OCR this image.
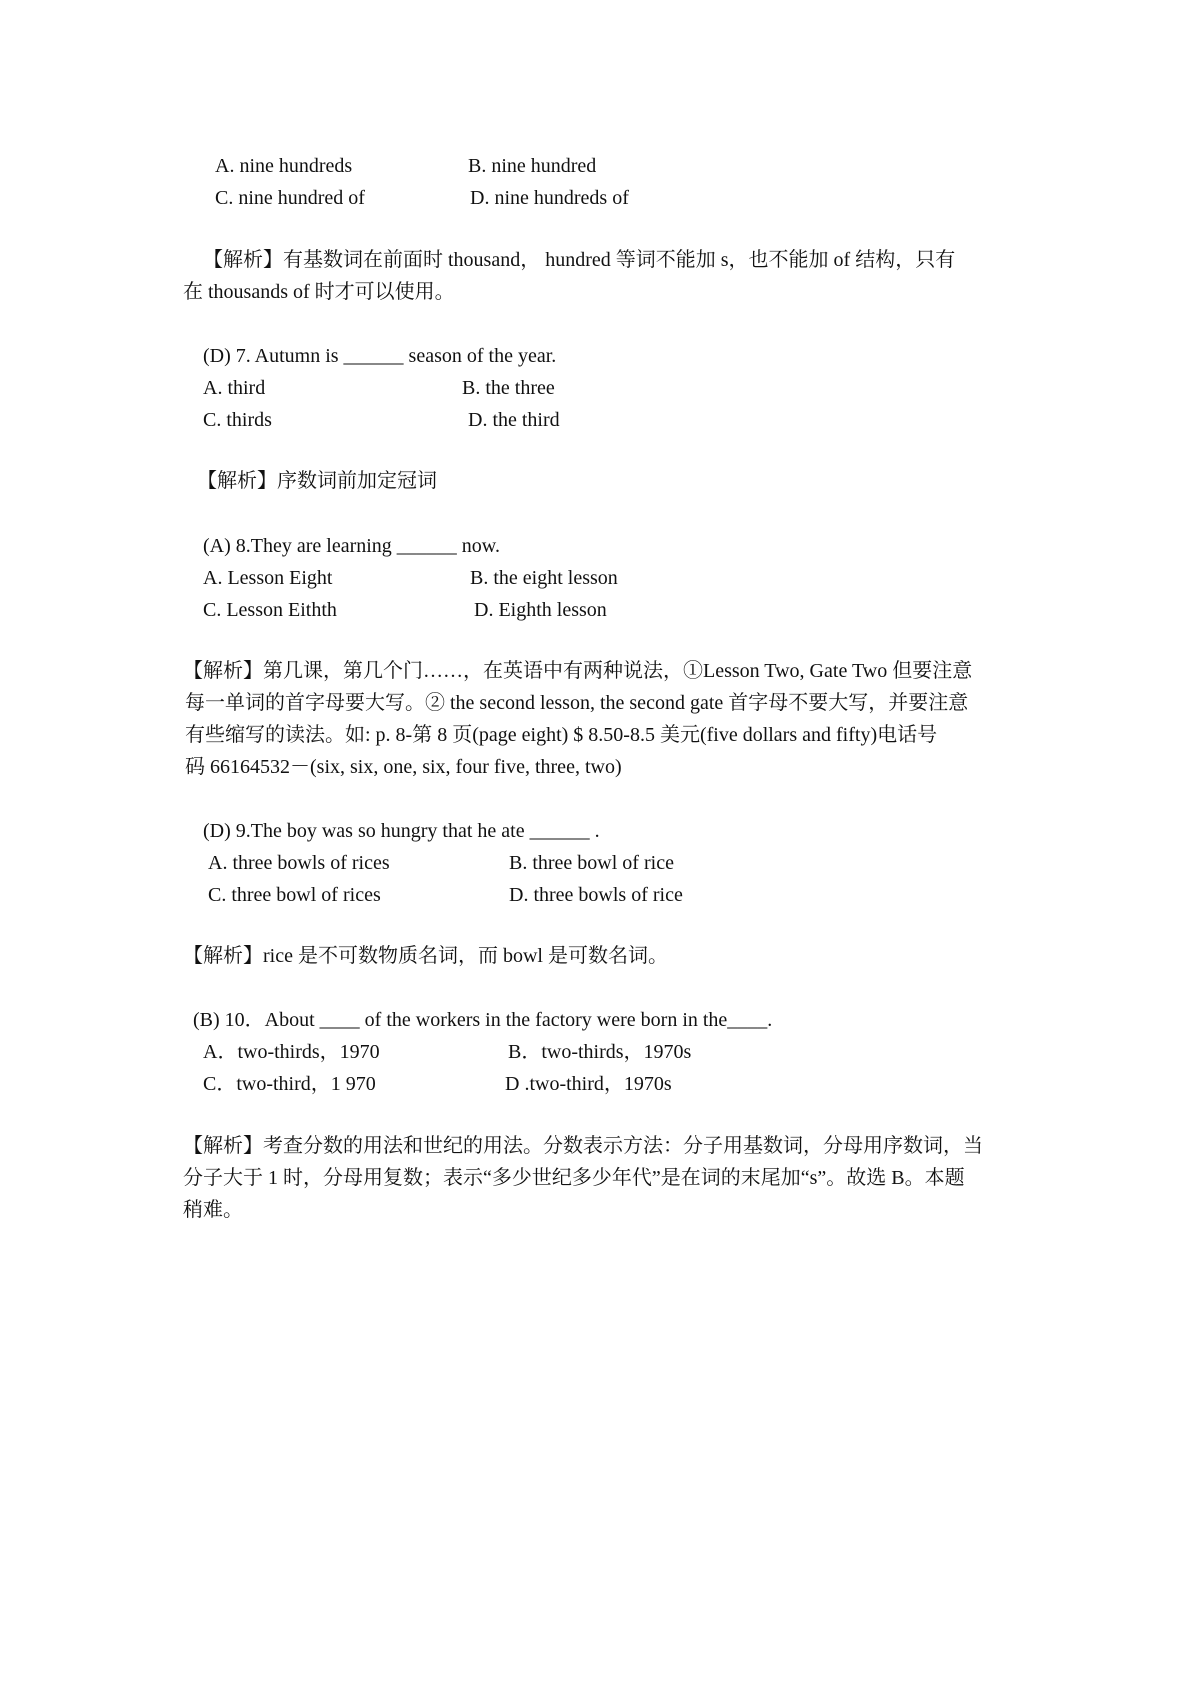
A. nine hundreds	B. nine hundred
C. nine hundred of	D. nine hundreds of
【解析】有基数词在前面时 thousand， hundred 等词不能加 s，也不能加 of 结构，只有
在 thousands of 时才可以使用。
(D) 7. Autumn is ______ season of the year.
A. third	B. the three
C. thirds	D. the third
【解析】序数词前加定冠词
(A) 8.They are learning ______ now.
A. Lesson Eight	B. the eight lesson
C. Lesson Eithth	D. Eighth lesson
【解析】第几课，第几个门……，在英语中有两种说法，①Lesson Two, Gate Two 但要注意
每一单词的首字母要大写。② the second lesson, the second gate 首字母不要大写，并要注意
有些缩写的读法。如: p. 8-第 8 页(page eight) $ 8.50-8.5 美元(five dollars and fifty)电话号
码 66164532－(six, six, one, six, four five, three, two)
(D) 9.The boy was so hungry that he ate ______ .
A. three bowls of rices	B. three bowl of rice
C. three bowl of rices	D. three bowls of rice
【解析】rice 是不可数物质名词，而 bowl 是可数名词。
(B) 10．About ____ of the workers in the factory were born in the____.
A．two-thirds，1970	B．two-thirds，1970s
C．two-third，1 970	D .two-third，1970s
【解析】考查分数的用法和世纪的用法。分数表示方法：分子用基数词，分母用序数词，当
分子大于 1 时，分母用复数；表示“多少世纪多少年代”是在词的末尾加“s”。故选 B。本题
稍难。
